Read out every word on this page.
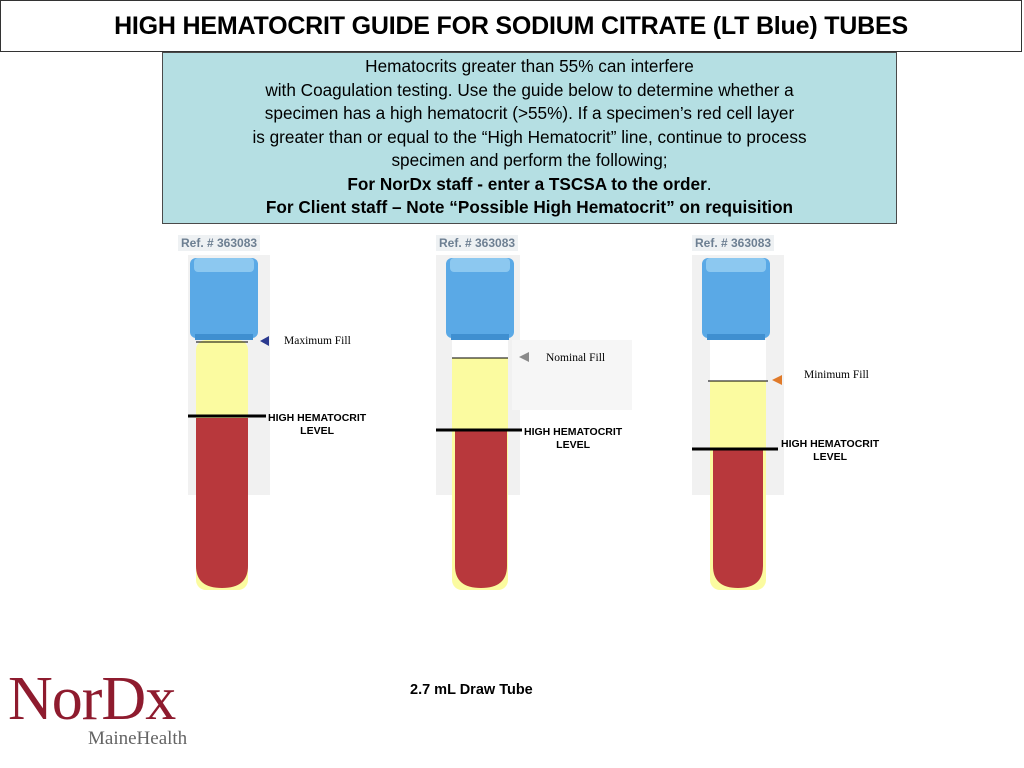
HIGH HEMATOCRIT GUIDE FOR SODIUM CITRATE (LT Blue) TUBES
Hematocrits greater than 55% can interfere
with Coagulation testing. Use the guide below to determine whether a
specimen has a high hematocrit (>55%). If a specimen’s red cell layer
is greater than or equal to the “High Hematocrit” line, continue to process
specimen and perform the following;
For NorDx staff - enter a TSCSA to the order.
For Client staff – Note “Possible High Hematocrit” on requisition
Ref. # 363083
Maximum Fill
HIGH HEMATOCRIT
LEVEL
Ref. # 363083
Nominal Fill
HIGH HEMATOCRIT
LEVEL
Ref. # 363083
Minimum Fill
HIGH HEMATOCRIT
LEVEL
2.7 mL Draw Tube
NorDx
MaineHealth
